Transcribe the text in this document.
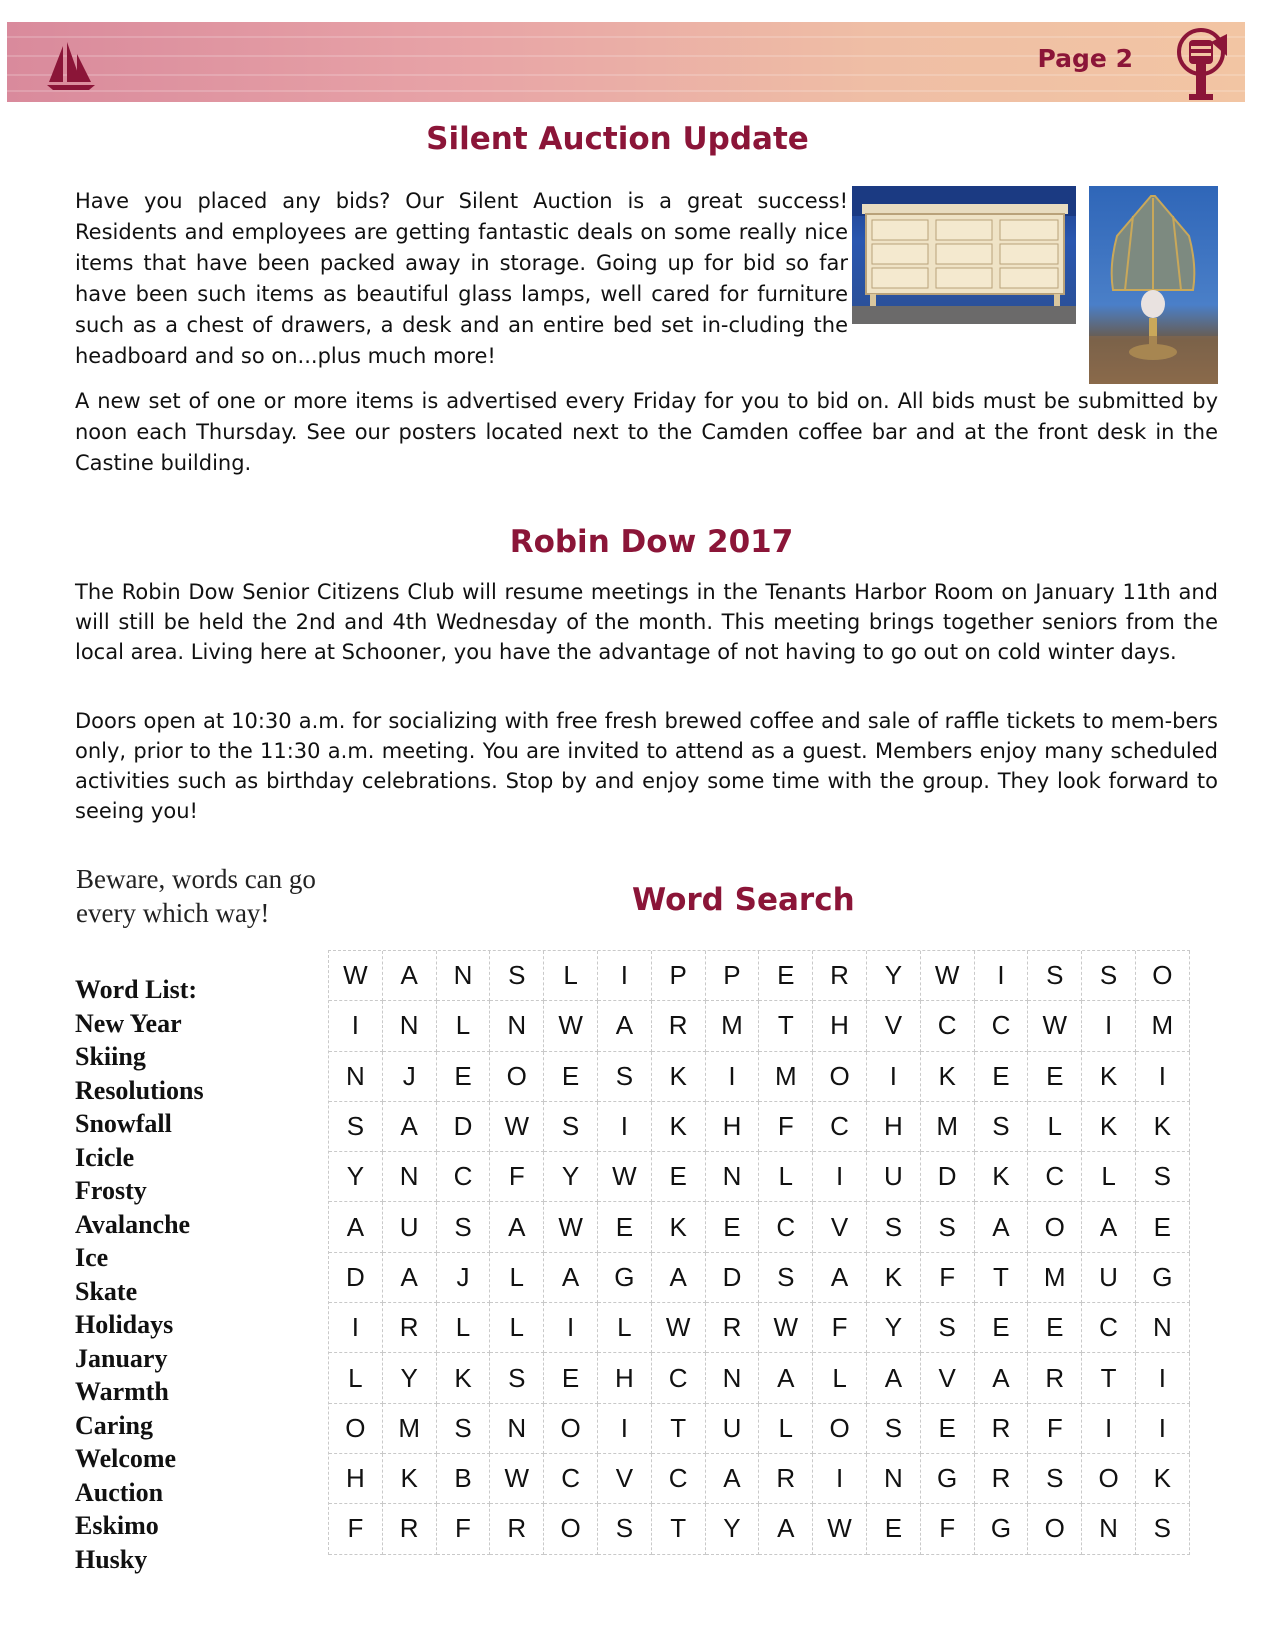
Page 2
Silent Auction Update

Have you placed any bids? Our Silent Auction is a great success! Residents and employees are getting fantastic deals on some really nice items that have been packed away in storage. Going up for bid so far have been such items as beautiful glass lamps, well cared for furniture such as a chest of drawers, a desk and an entire bed set in-cluding the headboard and so on...plus much more!

A new set of one or more items is advertised every Friday for you to bid on. All bids must be submitted by noon each Thursday. See our posters located next to the Camden coffee bar and at the front desk in the Castine building.

Robin Dow 2017

The Robin Dow Senior Citizens Club will resume meetings in the Tenants Harbor Room on January 11th and will still be held the 2nd and 4th Wednesday of the month. This meeting brings together seniors from the local area. Living here at Schooner, you have the advantage of not having to go out on cold winter days.

Doors open at 10:30 a.m. for socializing with free fresh brewed coffee and sale of raffle tickets to mem-bers only, prior to the 11:30 a.m. meeting. You are invited to attend as a guest. Members enjoy many scheduled activities such as birthday celebrations. Stop by and enjoy some time with the group. They look forward to seeing you!

Beware, words can go
every which way!	Word Search
Word List:
New Year
Skiing
Resolutions
Snowfall
Icicle
Frosty
Avalanche
Ice
Skate
Holidays
January
Warmth
Caring
Welcome
Auction
Eskimo
Husky
W	A	N	S	L	I	P	P	E	R	Y	W	I	S	S	O
I	N	L	N	W	A	R	M	T	H	V	C	C	W	I	M
N	J	E	O	E	S	K	I	M	O	I	K	E	E	K	I
S	A	D	W	S	I	K	H	F	C	H	M	S	L	K	K
Y	N	C	F	Y	W	E	N	L	I	U	D	K	C	L	S
A	U	S	A	W	E	K	E	C	V	S	S	A	O	A	E
D	A	J	L	A	G	A	D	S	A	K	F	T	M	U	G
I	R	L	L	I	L	W	R	W	F	Y	S	E	E	C	N
L	Y	K	S	E	H	C	N	A	L	A	V	A	R	T	I
O	M	S	N	O	I	T	U	L	O	S	E	R	F	I	I
H	K	B	W	C	V	C	A	R	I	N	G	R	S	O	K
F	R	F	R	O	S	T	Y	A	W	E	F	G	O	N	S
